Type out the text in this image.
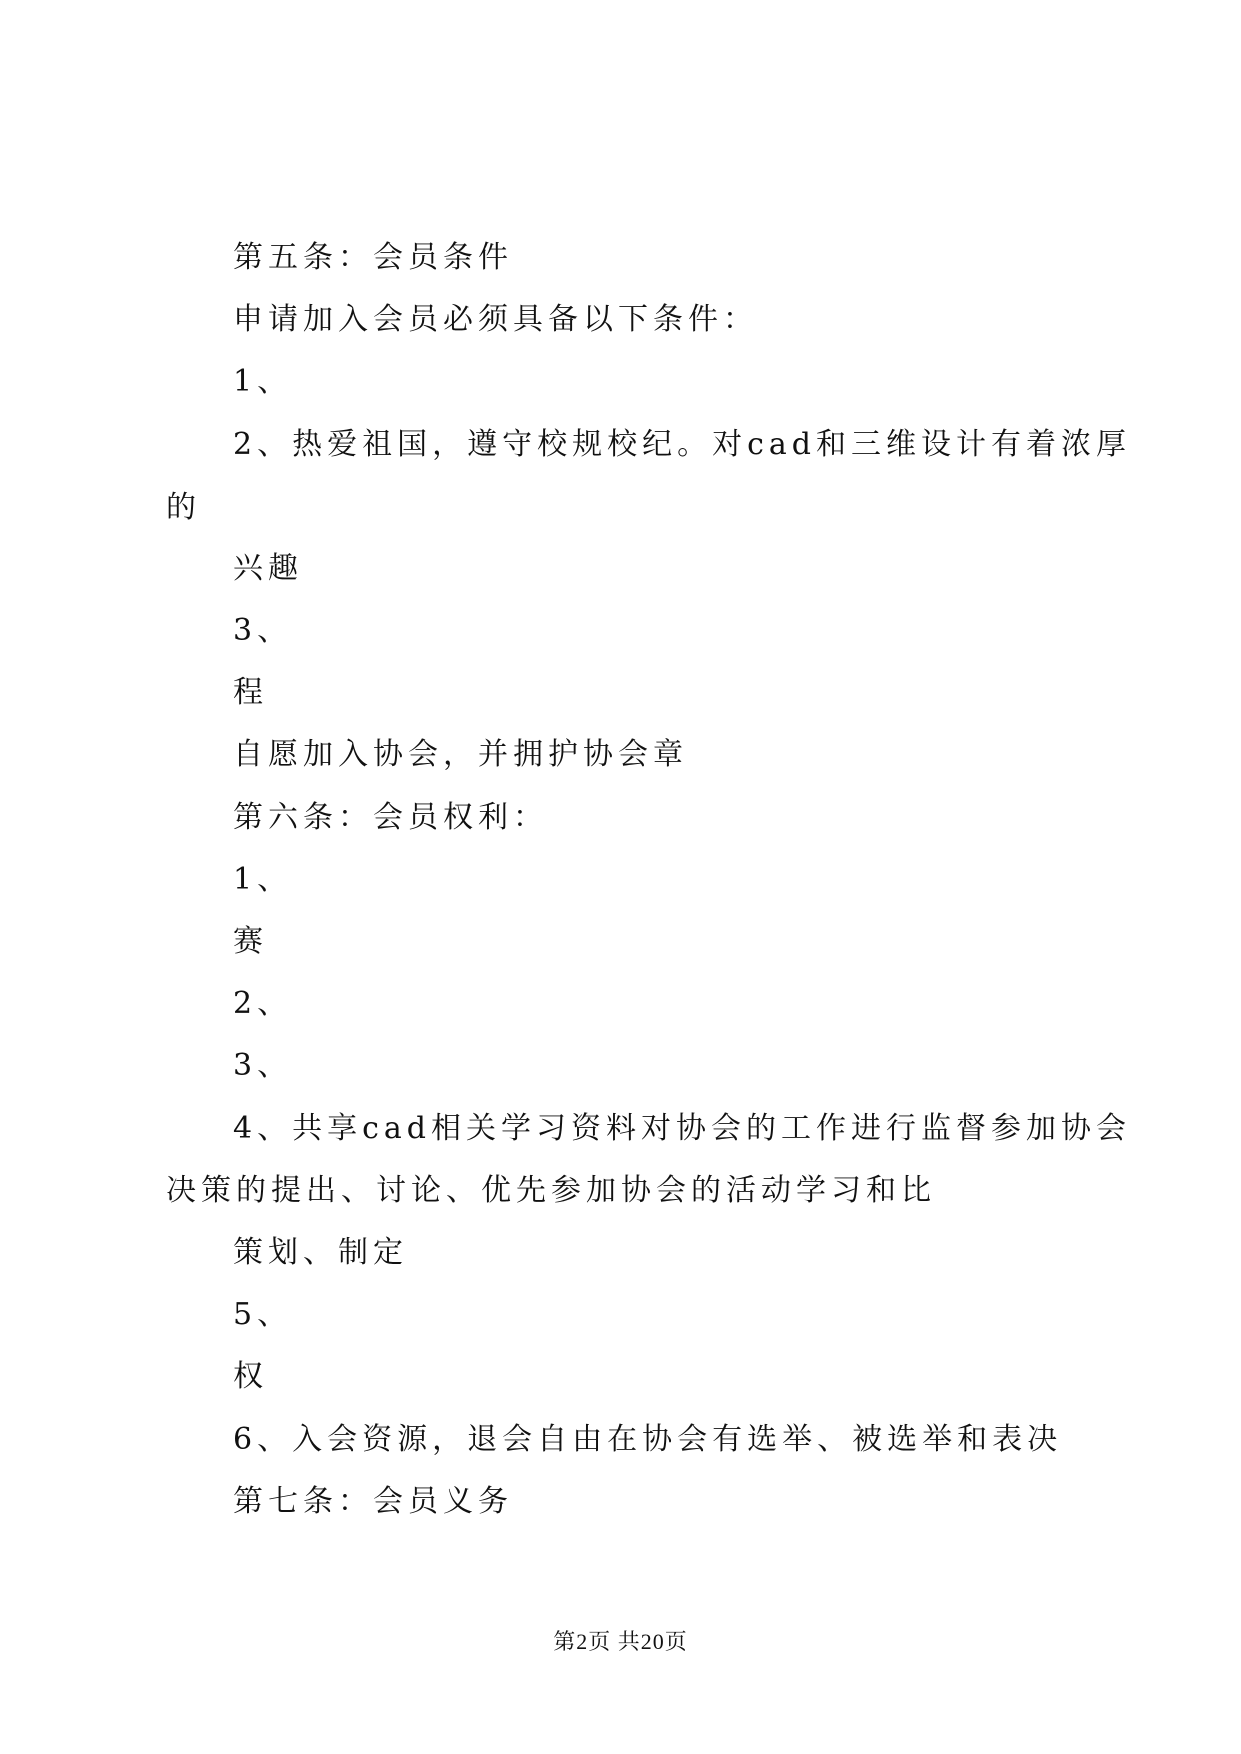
第五条：会员条件
申请加入会员必须具备以下条件：
1、
2、热爱祖国，遵守校规校纪。对cad和三维设计有着浓厚
的
兴趣
3、
程
自愿加入协会，并拥护协会章
第六条：会员权利：
1、
赛
2、
3、
4、共享cad相关学习资料对协会的工作进行监督参加协会
决策的提出、讨论、优先参加协会的活动学习和比
策划、制定
5、
权
6、入会资源，退会自由在协会有选举、被选举和表决
第七条：会员义务
第2页 共20页
